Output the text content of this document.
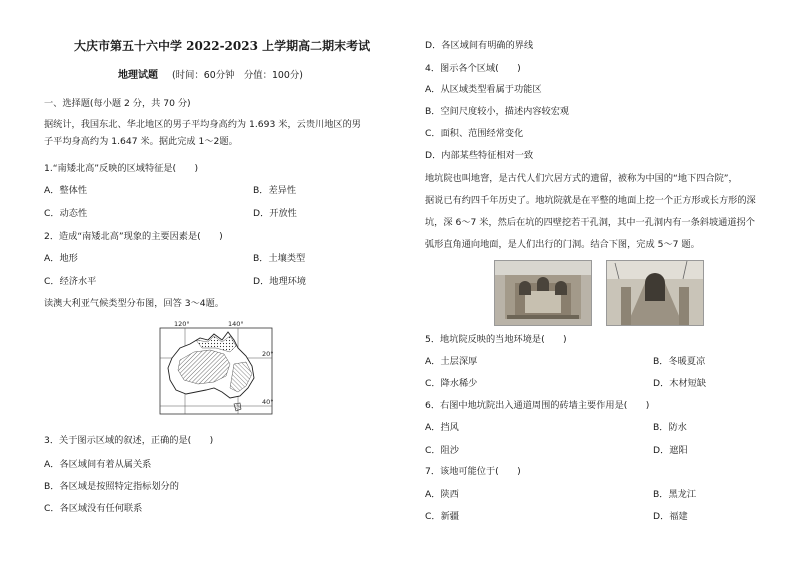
大庆市第五十六中学 2022-2023 上学期高二期末考试
地理试题 (时间：60分钟　分值：100分)
一、选择题(每小题 2 分，共 70 分)
据统计，我国东北、华北地区的男子平均身高约为 1.693 米，云贵川地区的男
子平均身高约为 1.647 米。据此完成 1～2题。
1.“南矮北高”反映的区域特征是(　　)
A．整体性	B．差异性
C．动态性	D．开放性
2．造成“南矮北高”现象的主要因素是(　　)
A．地形	B．土壤类型
C．经济水平	D．地理环境
读澳大利亚气候类型分布图，回答 3～4题。
120°	140°
20°
40°
3．关于图示区域的叙述，正确的是(　　)
A．各区域间有着从属关系
B．各区域是按照特定指标划分的
C．各区域没有任何联系
D．各区域间有明确的界线
4．图示各个区域(　　)
A．从区域类型看属于功能区
B．空间尺度较小，描述内容较宏观
C．面积、范围经常变化
D．内部某些特征相对一致
地坑院也叫地窨，是古代人们穴居方式的遗留，被称为中国的“地下四合院”，
据说已有约四千年历史了。地坑院就是在平整的地面上挖一个正方形或长方形的深
坑，深 6～7 米，然后在坑的四壁挖若干孔洞，其中一孔洞内有一条斜坡通道拐个
弧形直角通向地面，是人们出行的门洞。结合下图，完成 5～7 题。
5．地坑院反映的当地环境是(　　)
A．土层深厚	B．冬暖夏凉
C．降水稀少	D．木材短缺
6．右图中地坑院出入通道周围的砖墙主要作用是(　　)
A．挡风	B．防水
C．阻沙	D．遮阳
7．该地可能位于(　　)
A．陕西	B．黑龙江
C．新疆	D．福建
